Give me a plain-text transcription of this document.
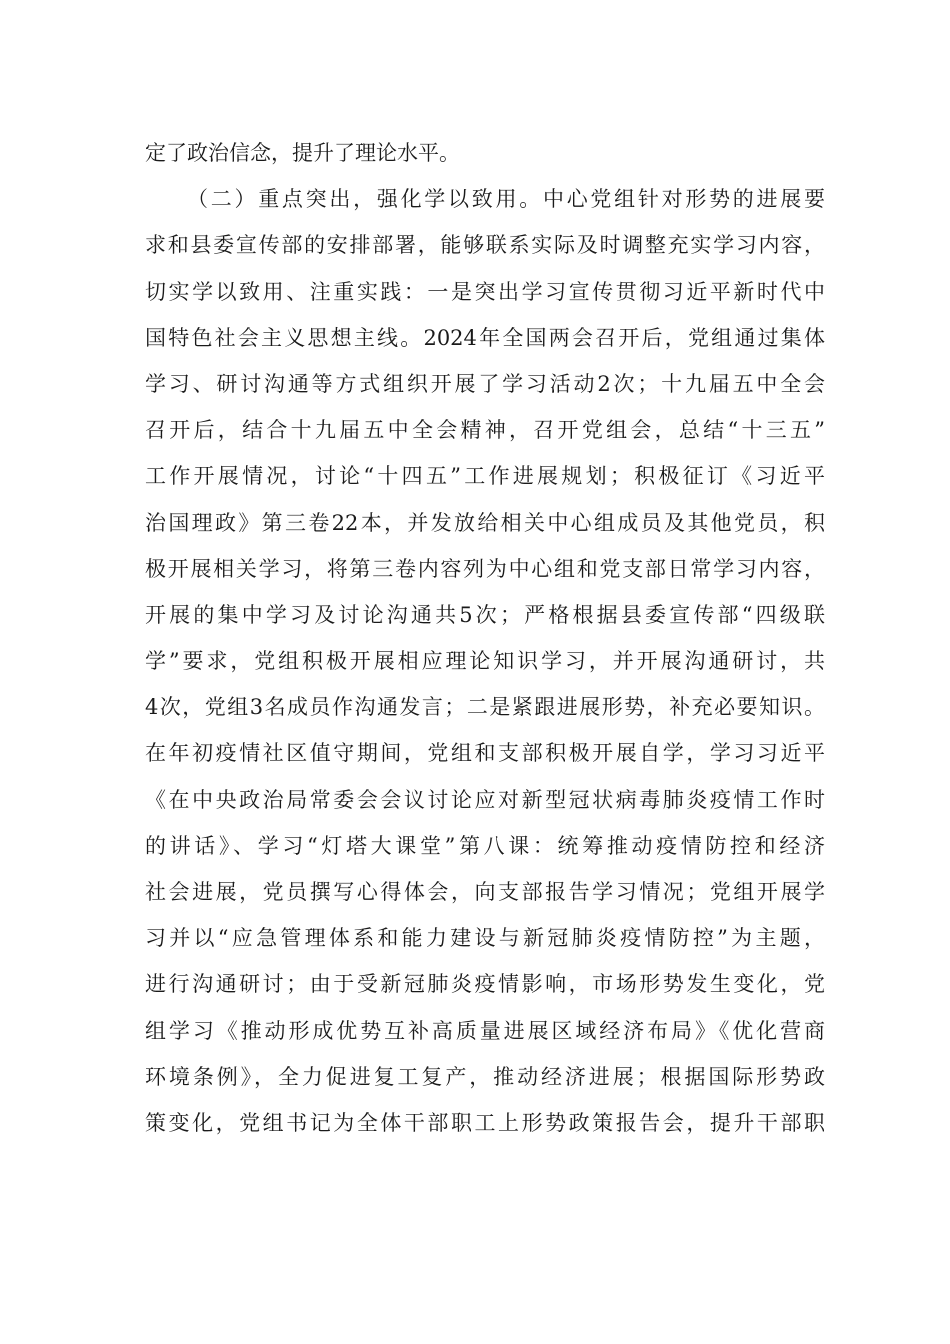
定了政治信念，提升了理论水平。
（二）重点突出，强化学以致用。中心党组针对形势的进展要
求和县委宣传部的安排部署，能够联系实际及时调整充实学习内容，
切实学以致用、注重实践：一是突出学习宣传贯彻习近平新时代中
国特色社会主义思想主线。2024年全国两会召开后，党组通过集体
学习、研讨沟通等方式组织开展了学习活动2次；十九届五中全会
召开后，结合十九届五中全会精神，召开党组会，总结“十三五”
工作开展情况，讨论“十四五”工作进展规划；积极征订《习近平
治国理政》第三卷22本，并发放给相关中心组成员及其他党员，积
极开展相关学习，将第三卷内容列为中心组和党支部日常学习内容，
开展的集中学习及讨论沟通共5次；严格根据县委宣传部“四级联
学”要求，党组积极开展相应理论知识学习，并开展沟通研讨，共
4次，党组3名成员作沟通发言；二是紧跟进展形势，补充必要知识。
在年初疫情社区值守期间，党组和支部积极开展自学，学习习近平
《在中央政治局常委会会议讨论应对新型冠状病毒肺炎疫情工作时
的讲话》、学习“灯塔大课堂”第八课：统筹推动疫情防控和经济
社会进展，党员撰写心得体会，向支部报告学习情况；党组开展学
习并以“应急管理体系和能力建设与新冠肺炎疫情防控”为主题，
进行沟通研讨；由于受新冠肺炎疫情影响，市场形势发生变化，党
组学习《推动形成优势互补高质量进展区域经济布局》《优化营商
环境条例》，全力促进复工复产，推动经济进展；根据国际形势政
策变化，党组书记为全体干部职工上形势政策报告会，提升干部职
